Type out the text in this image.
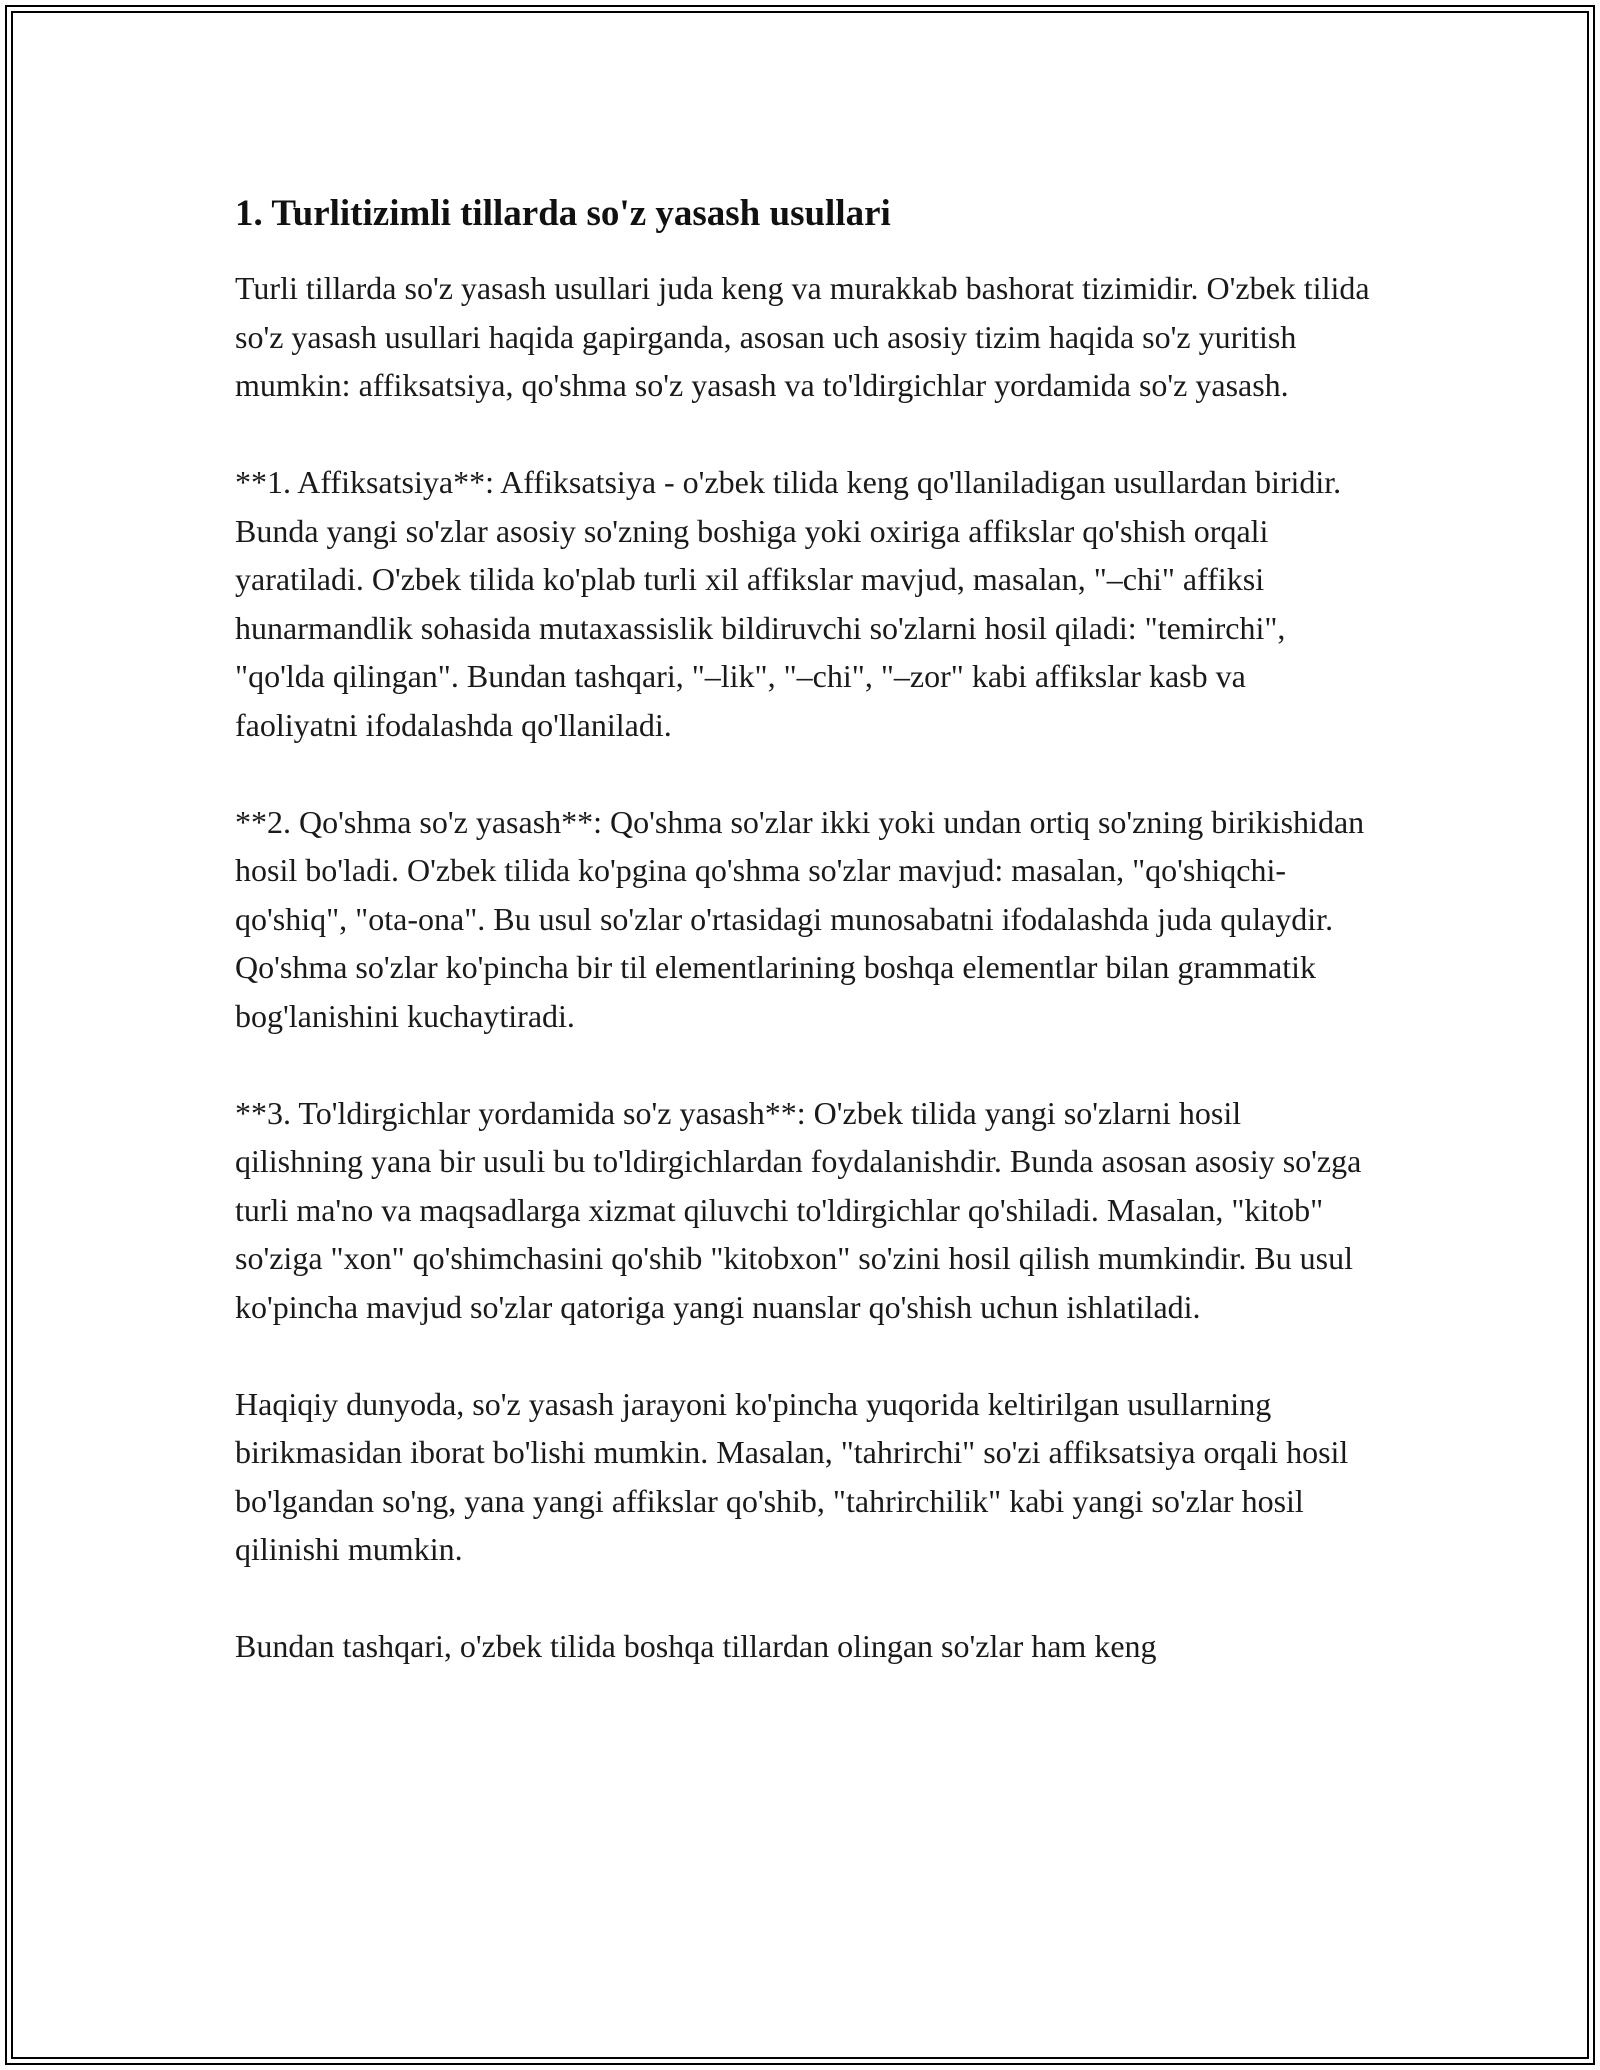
1. Turlitizimli tillarda so'z yasash usullari

Turli tillarda so'z yasash usullari juda keng va murakkab bashorat tizimidir. O'zbek tilida so'z yasash usullari haqida gapirganda, asosan uch asosiy tizim haqida so'z yuritish mumkin: affiksatsiya, qo'shma so'z yasash va to'ldirgichlar yordamida so'z yasash.

**1. Affiksatsiya**: Affiksatsiya - o'zbek tilida keng qo'llaniladigan usullardan biridir. Bunda yangi so'zlar asosiy so'zning boshiga yoki oxiriga affikslar qo'shish orqali yaratiladi. O'zbek tilida ko'plab turli xil affikslar mavjud, masalan, "–chi" affiksi hunarmandlik sohasida mutaxassislik bildiruvchi so'zlarni hosil qiladi: "temirchi", "qo'lda qilingan". Bundan tashqari, "–lik", "–chi", "–zor" kabi affikslar kasb va faoliyatni ifodalashda qo'llaniladi.

**2. Qo'shma so'z yasash**: Qo'shma so'zlar ikki yoki undan ortiq so'zning birikishidan hosil bo'ladi. O'zbek tilida ko'pgina qo'shma so'zlar mavjud: masalan, "qo'shiqchi-qo'shiq", "ota-ona". Bu usul so'zlar o'rtasidagi munosabatni ifodalashda juda qulaydir. Qo'shma so'zlar ko'pincha bir til elementlarining boshqa elementlar bilan grammatik bog'lanishini kuchaytiradi.

**3. To'ldirgichlar yordamida so'z yasash**: O'zbek tilida yangi so'zlarni hosil qilishning yana bir usuli bu to'ldirgichlardan foydalanishdir. Bunda asosan asosiy so'zga turli ma'no va maqsadlarga xizmat qiluvchi to'ldirgichlar qo'shiladi. Masalan, "kitob" so'ziga "xon" qo'shimchasini qo'shib "kitobxon" so'zini hosil qilish mumkindir. Bu usul ko'pincha mavjud so'zlar qatoriga yangi nuanslar qo'shish uchun ishlatiladi.

Haqiqiy dunyoda, so'z yasash jarayoni ko'pincha yuqorida keltirilgan usullarning birikmasidan iborat bo'lishi mumkin. Masalan, "tahrirchi" so'zi affiksatsiya orqali hosil bo'lgandan so'ng, yana yangi affikslar qo'shib, "tahrirchilik" kabi yangi so'zlar hosil qilinishi mumkin.

Bundan tashqari, o'zbek tilida boshqa tillardan olingan so'zlar ham keng
